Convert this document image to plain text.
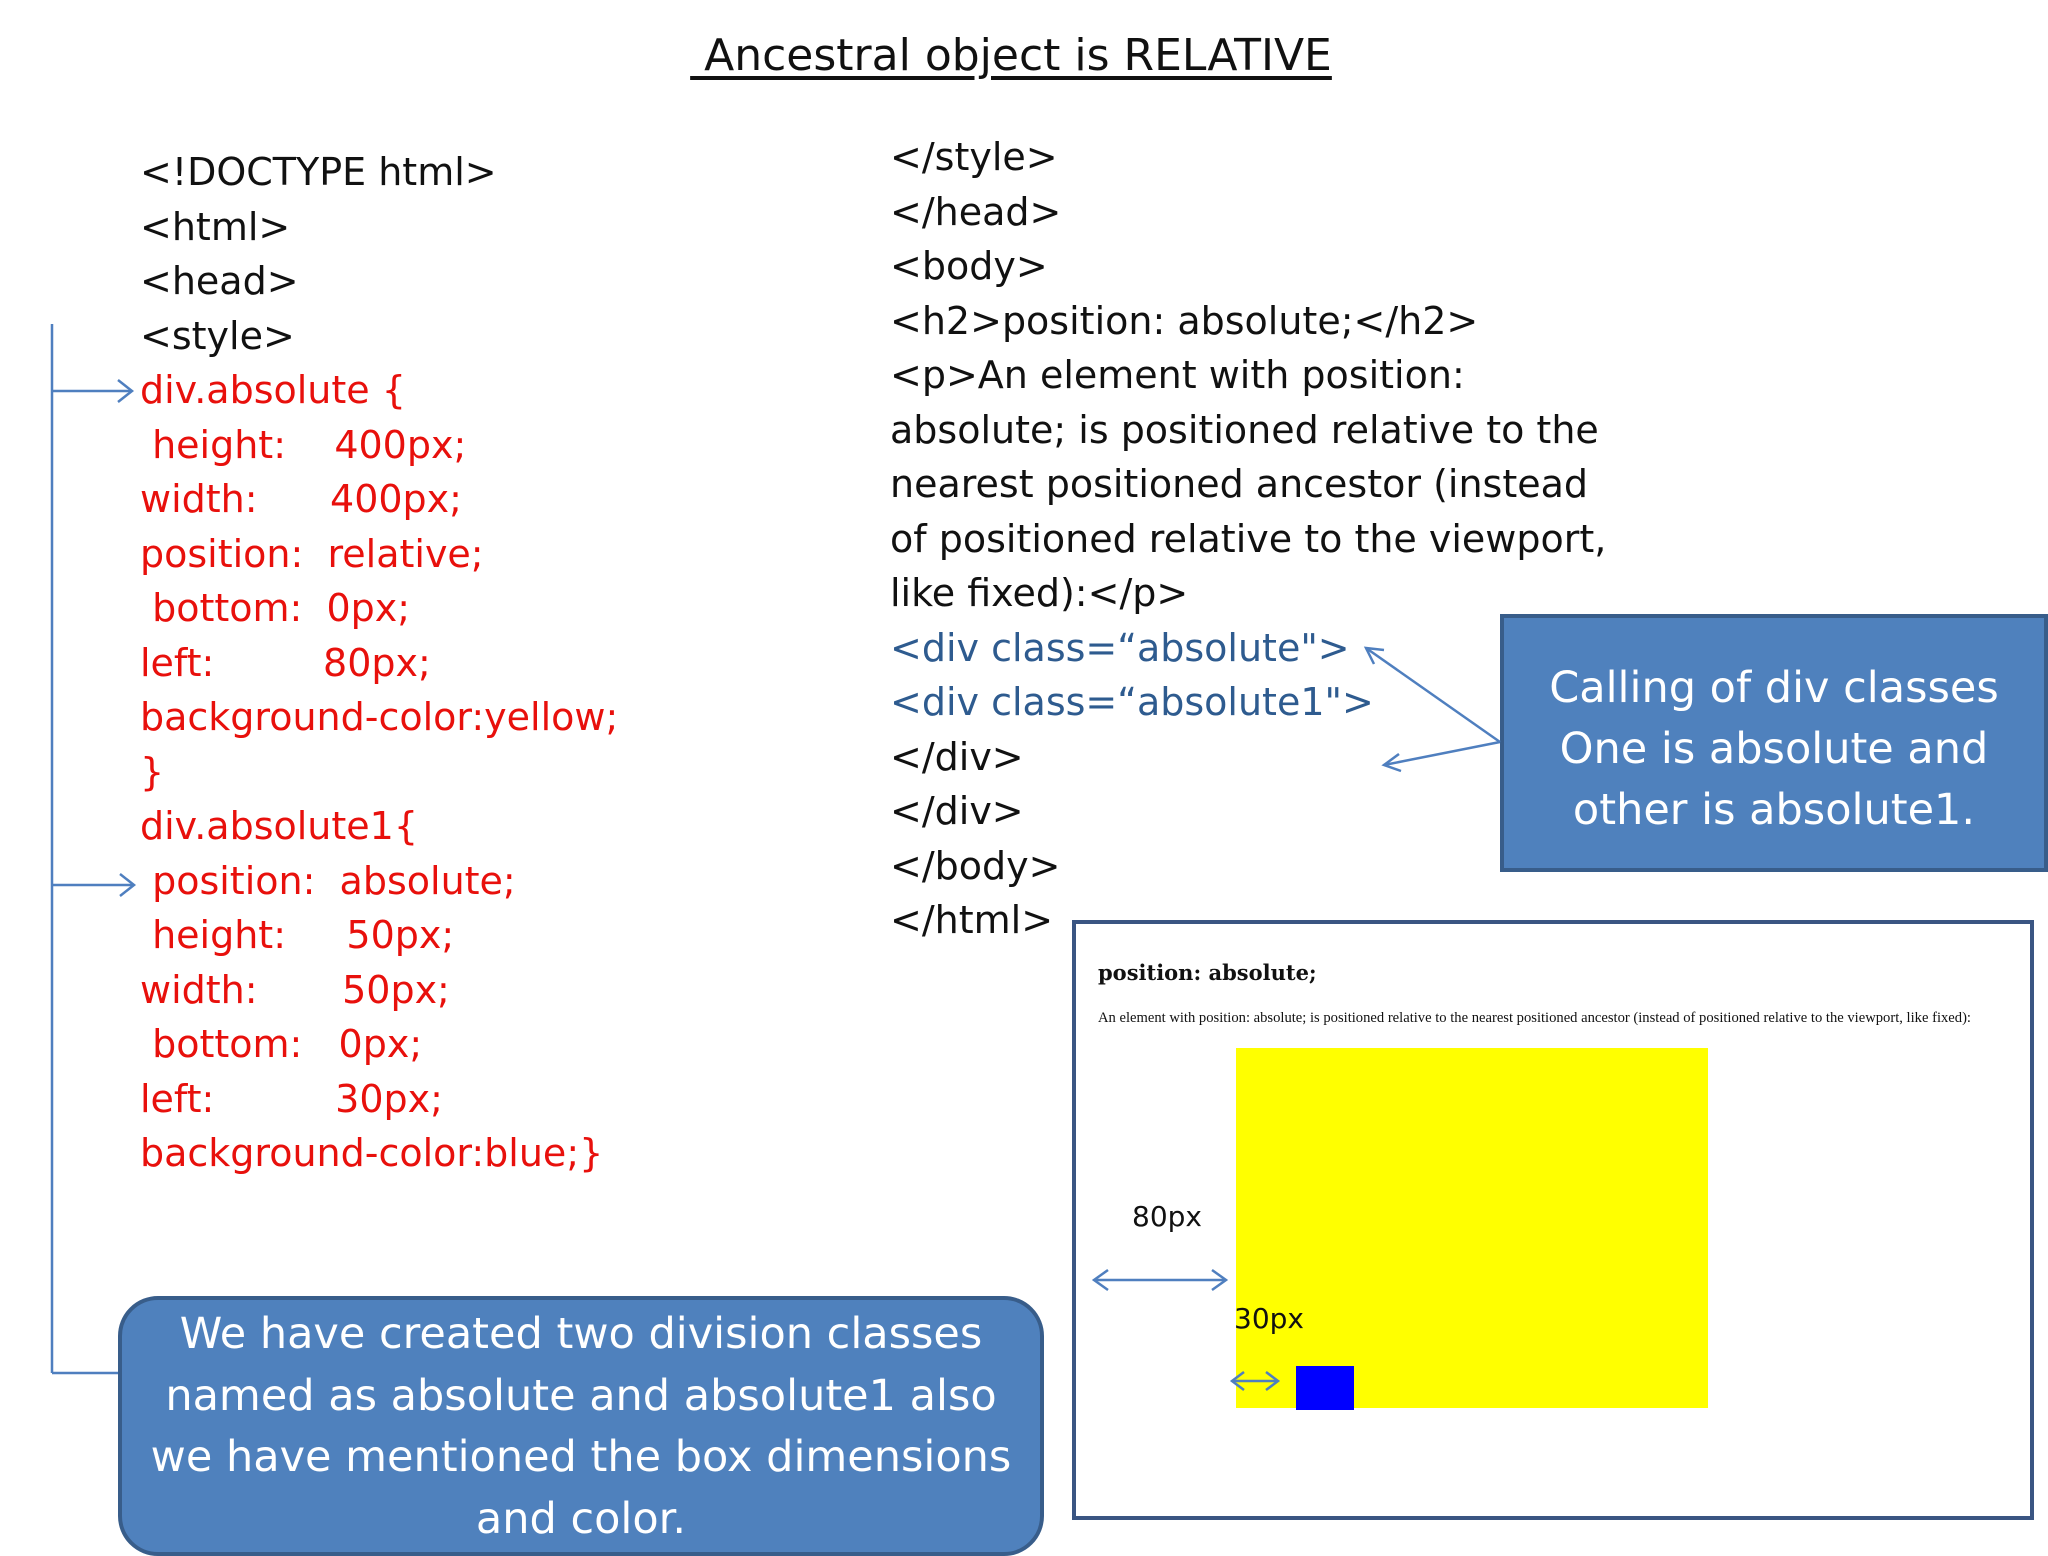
Ancestral object is RELATIVE
<!DOCTYPE html>
<html>
<head>
<style>
div.absolute {
height:    400px;
width:      400px;
position:  relative;
bottom:  0px;
left:         80px;
background-color:yellow;
}
div.absolute1{
position:  absolute;
height:     50px;
width:       50px;
bottom:   0px;
left:          30px;
background-color:blue;}
</style>
</head>
<body>
<h2>position: absolute;</h2>
<p>An element with position:
absolute; is positioned relative to the
nearest positioned ancestor (instead
of positioned relative to the viewport,
like fixed):</p>
<div class=“absolute">
<div class=“absolute1">
</div>
</div>
</body>
</html>
Calling of div classes
One is absolute and
other is absolute1.
We have created two division classes
named as absolute and absolute1 also
we have mentioned the box dimensions
and color.

position: absolute;

An element with position: absolute; is positioned relative to the nearest positioned ancestor (instead of positioned relative to the viewport, like fixed):

80px
30px
